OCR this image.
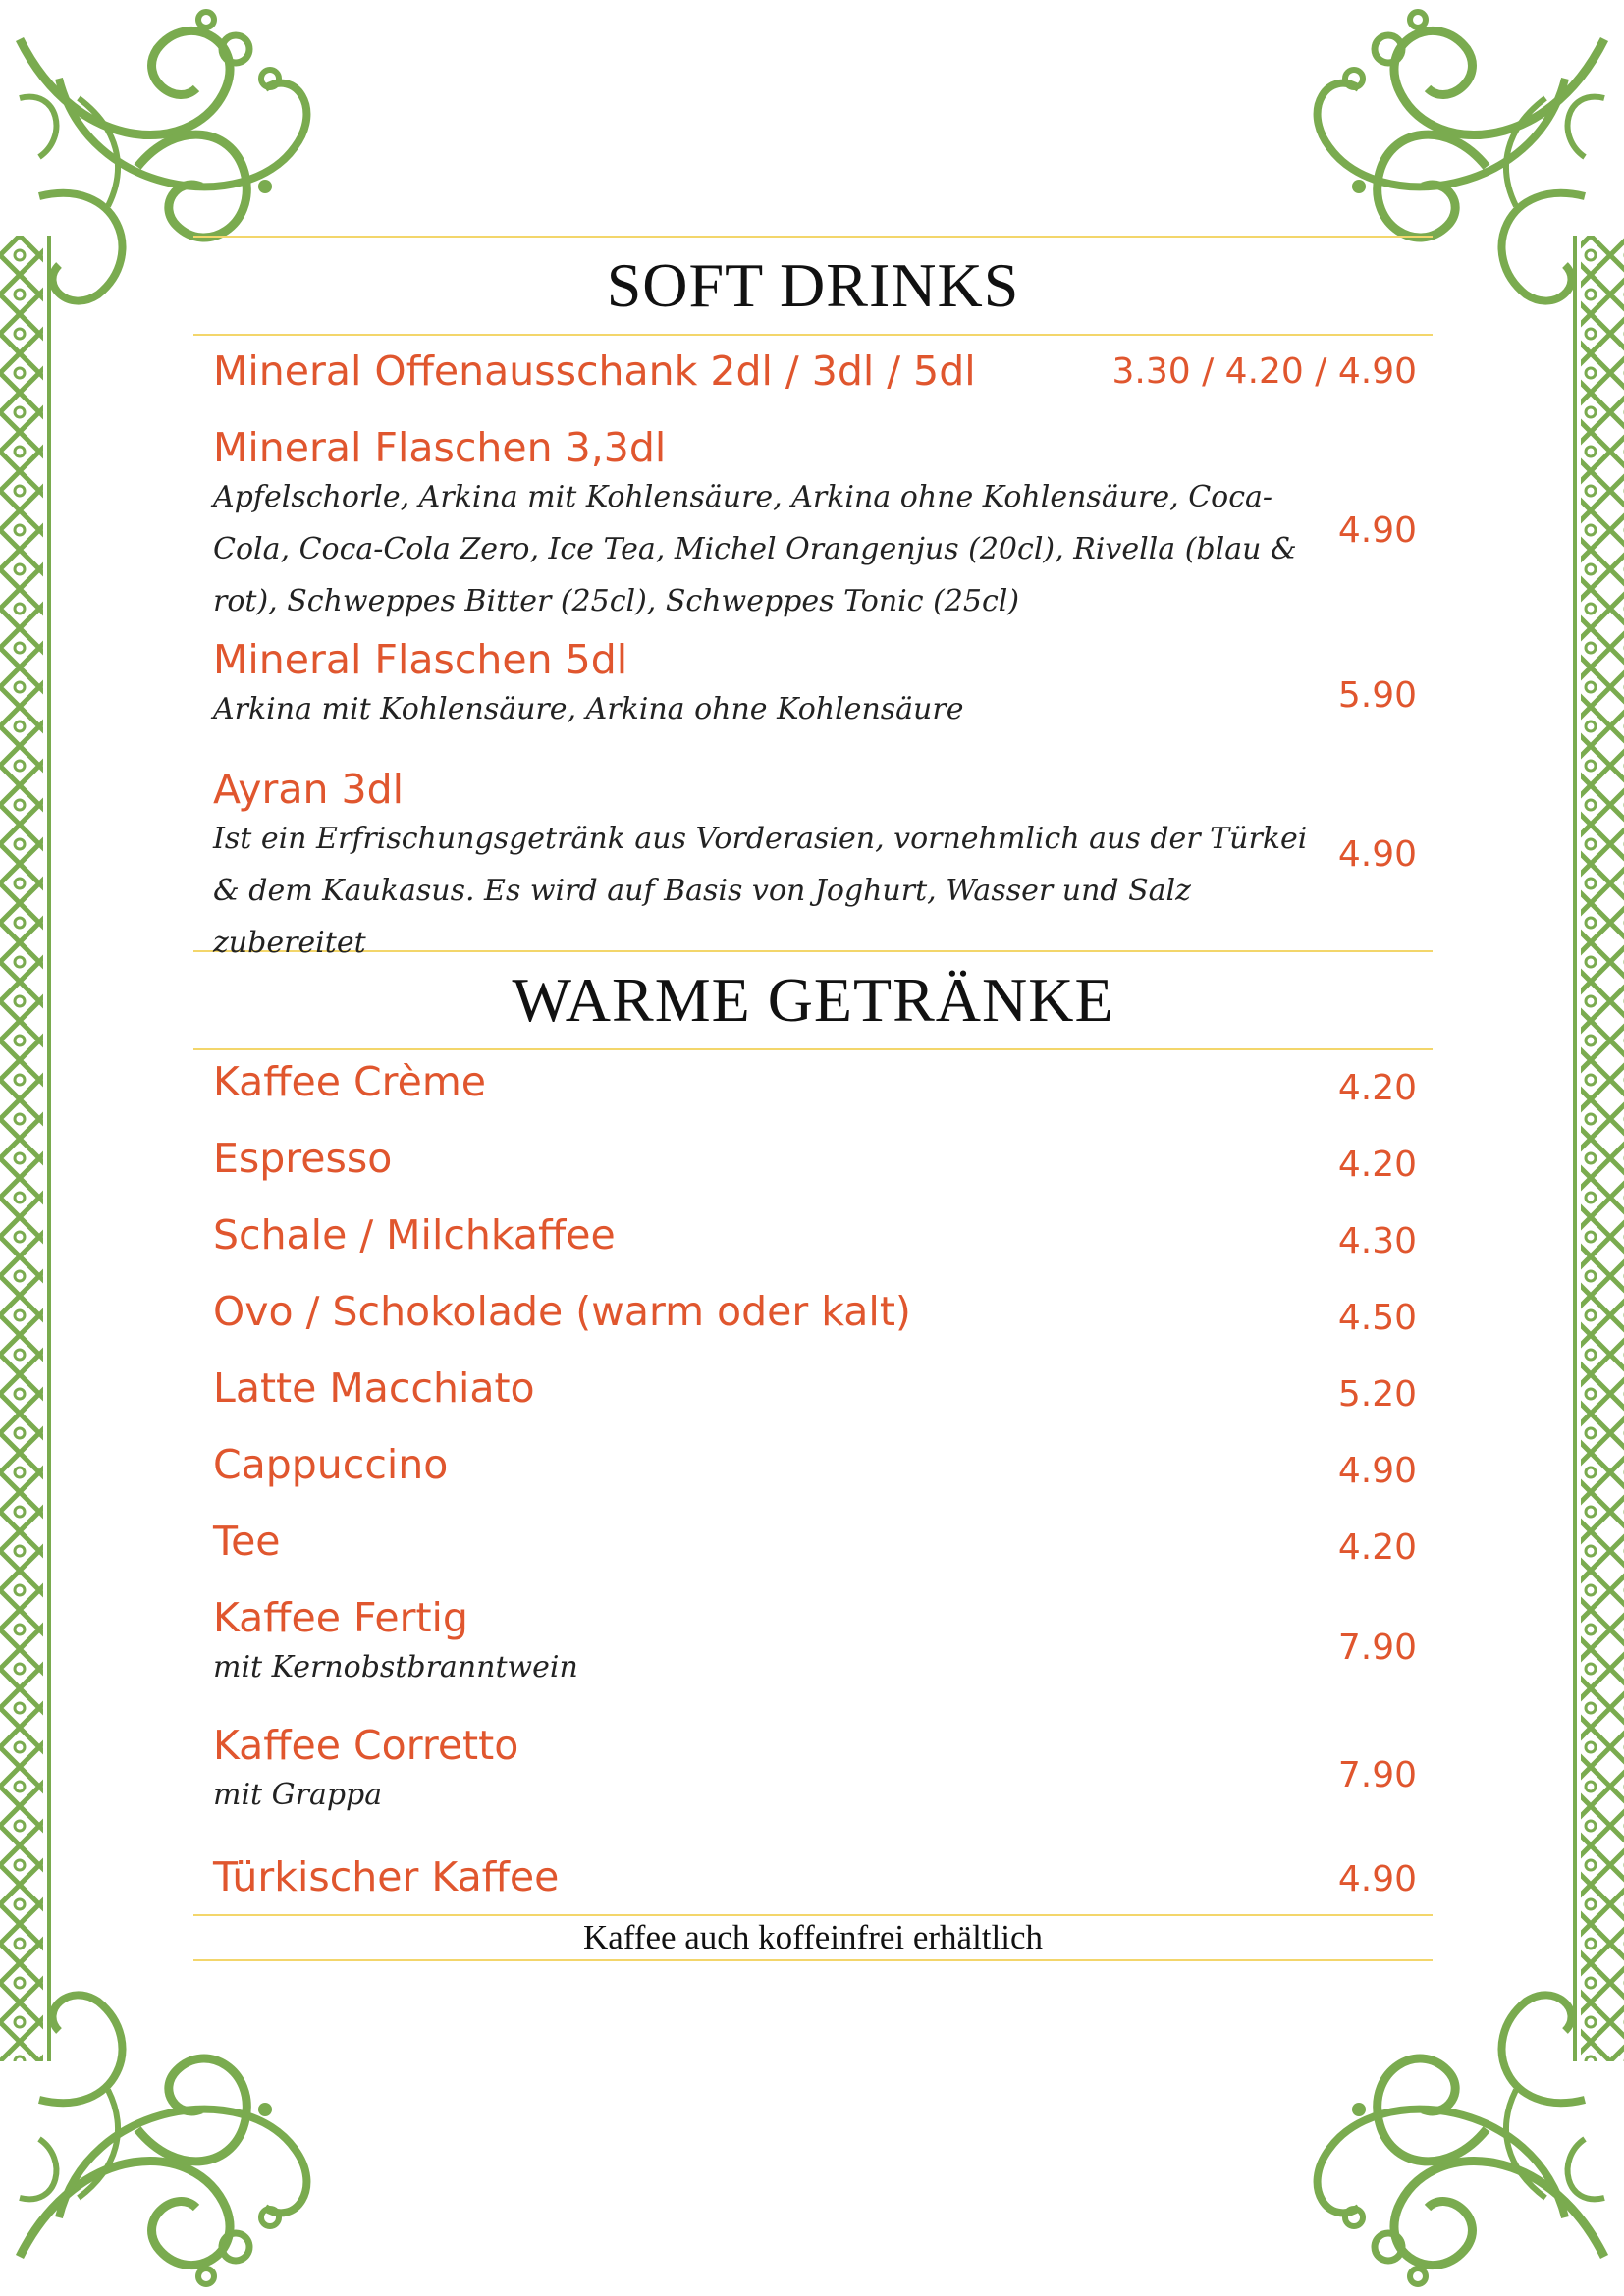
SOFT DRINKS
Mineral Offenausschank 2dl / 3dl / 5dl	3.30 / 4.20 / 4.90
Mineral Flaschen 3,3dl
Apfelschorle, Arkina mit Kohlensäure, Arkina ohne Kohlensäure, Coca-Cola, Coca-Cola Zero, Ice Tea, Michel Orangenjus (20cl), Rivella (blau & rot), Schweppes Bitter (25cl), Schweppes Tonic (25cl)
4.90
Mineral Flaschen 5dl
Arkina mit Kohlensäure, Arkina ohne Kohlensäure	5.90
Ayran 3dl
Ist ein Erfrischungsgetränk aus Vorderasien, vornehmlich aus der Türkei & dem Kaukasus. Es wird auf Basis von Joghurt, Wasser und Salz zubereitet
4.90
WARME GETRÄNKE
Kaffee Crème	4.20
Espresso	4.20
Schale / Milchkaffee	4.30
Ovo / Schokolade (warm oder kalt)	4.50
Latte Macchiato	5.20
Cappuccino	4.90
Tee	4.20
Kaffee Fertig
mit Kernobstbranntwein	7.90
Kaffee Corretto
mit Grappa	7.90
Türkischer Kaffee	4.90
Kaffee auch koffeinfrei erhältlich
